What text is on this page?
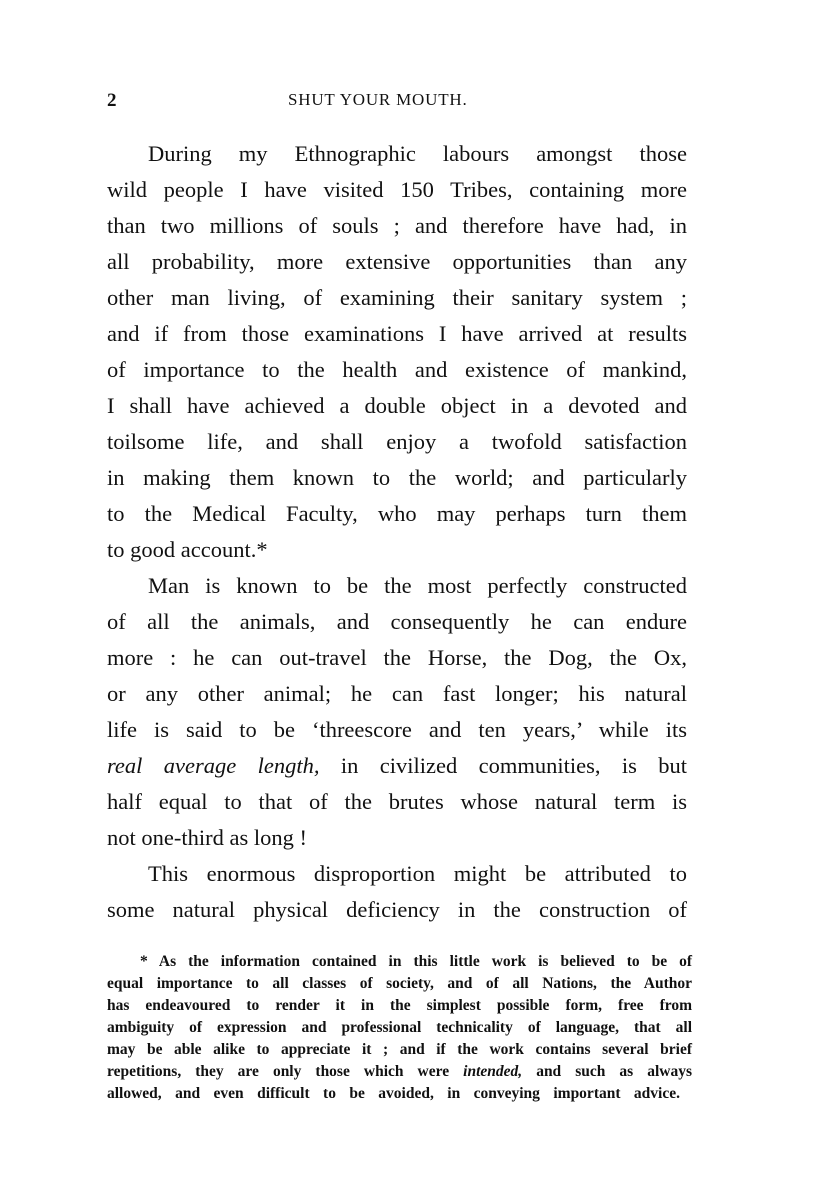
2	SHUT YOUR MOUTH.
During my Ethnographic labours amongst those
wild people I have visited 150 Tribes, containing more
than two millions of souls ; and therefore have had, in
all probability, more extensive opportunities than any
other man living, of examining their sanitary system ;
and if from those examinations I have arrived at results
of importance to the health and existence of mankind,
I shall have achieved a double object in a devoted and
toilsome life, and shall enjoy a twofold satisfaction
in making them known to the world; and particularly
to the Medical Faculty, who may perhaps turn them
to good account.*
Man is known to be the most perfectly constructed
of all the animals, and consequently he can endure
more : he can out-travel the Horse, the Dog, the Ox,
or any other animal; he can fast longer; his natural
life is said to be ‘threescore and ten years,’ while its
real average length, in civilized communities, is but
half equal to that of the brutes whose natural term is
not one-third as long !
This enormous disproportion might be attributed to
some natural physical deficiency in the construction of
* As the information contained in this little work is believed to be of
equal importance to all classes of society, and of all Nations, the Author
has endeavoured to render it in the simplest possible form, free from
ambiguity of expression and professional technicality of language, that all
may be able alike to appreciate it ; and if the work contains several brief
repetitions, they are only those which were intended, and such as always
allowed, and even difficult to be avoided, in conveying important advice.
